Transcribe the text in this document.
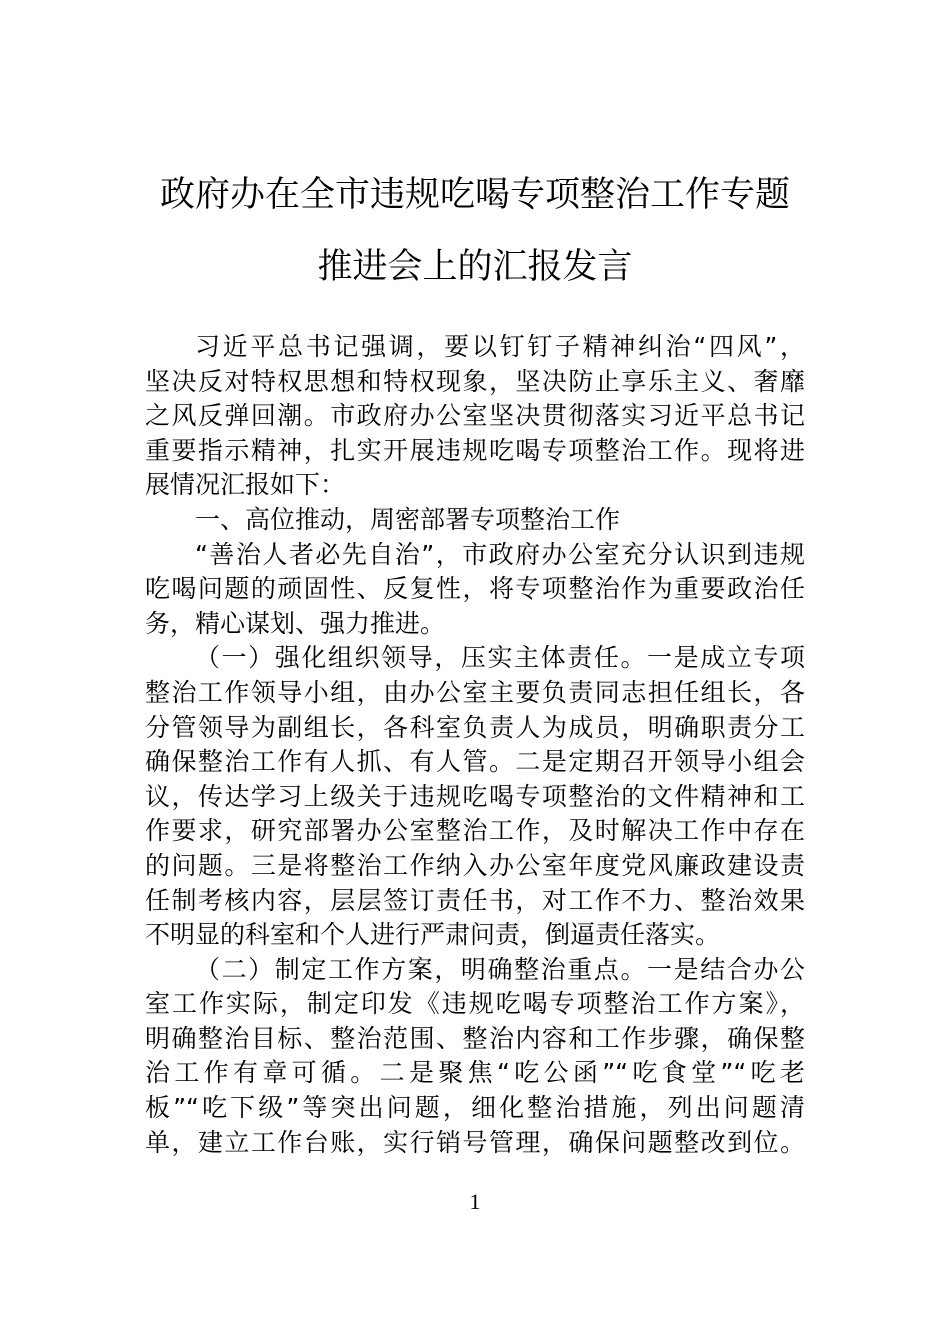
政府办在全市违规吃喝专项整治工作专题
推进会上的汇报发言
习近平总书记强调，要以钉钉子精神纠治“四风”，
坚决反对特权思想和特权现象，坚决防止享乐主义、奢靡
之风反弹回潮。市政府办公室坚决贯彻落实习近平总书记
重要指示精神，扎实开展违规吃喝专项整治工作。现将进
展情况汇报如下：
一、高位推动，周密部署专项整治工作
“善治人者必先自治”，市政府办公室充分认识到违规
吃喝问题的顽固性、反复性，将专项整治作为重要政治任
务，精心谋划、强力推进。
（一）强化组织领导，压实主体责任。一是成立专项
整治工作领导小组，由办公室主要负责同志担任组长，各
分管领导为副组长，各科室负责人为成员，明确职责分工
确保整治工作有人抓、有人管。二是定期召开领导小组会
议，传达学习上级关于违规吃喝专项整治的文件精神和工
作要求，研究部署办公室整治工作，及时解决工作中存在
的问题。三是将整治工作纳入办公室年度党风廉政建设责
任制考核内容，层层签订责任书，对工作不力、整治效果
不明显的科室和个人进行严肃问责，倒逼责任落实。
（二）制定工作方案，明确整治重点。一是结合办公
室工作实际，制定印发《违规吃喝专项整治工作方案》，
明确整治目标、整治范围、整治内容和工作步骤，确保整
治工作有章可循。二是聚焦“吃公函”“吃食堂”“吃老
板”“吃下级”等突出问题，细化整治措施，列出问题清
单，建立工作台账，实行销号管理，确保问题整改到位。
1
